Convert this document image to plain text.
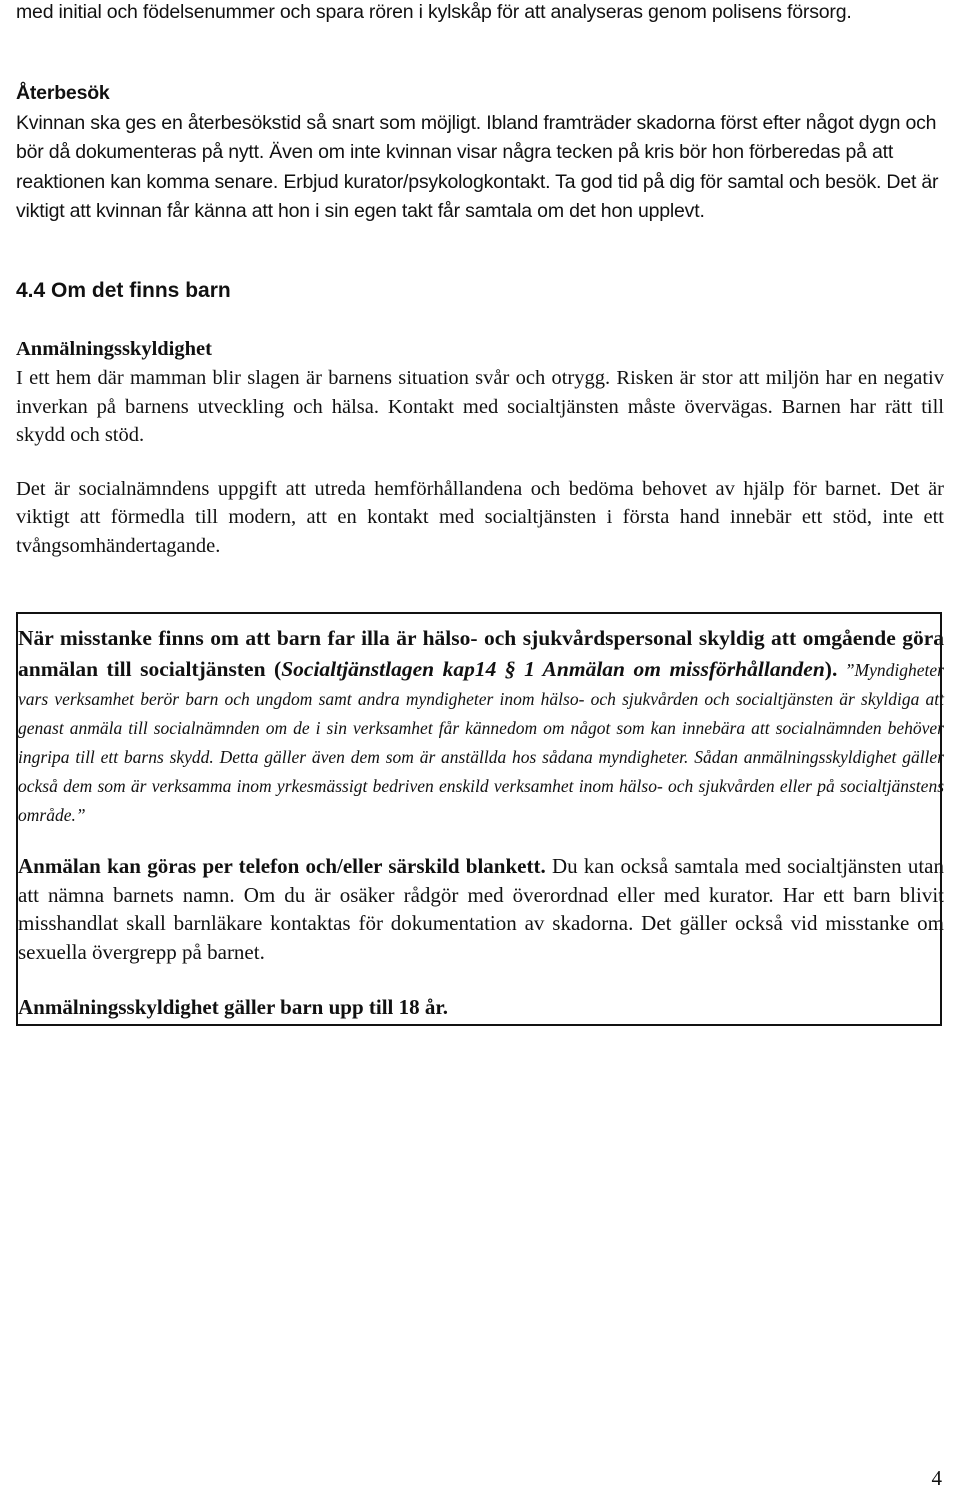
med initial och födelsenummer och spara rören i kylskåp för att analyseras genom polisens försorg.

Återbesök

Kvinnan ska ges en återbesökstid så snart som möjligt. Ibland framträder skadorna först efter något dygn och bör då dokumenteras på nytt. Även om inte kvinnan visar några tecken på kris bör hon förberedas på att reaktionen kan komma senare. Erbjud kurator/psykologkontakt. Ta god tid på dig för samtal och besök. Det är viktigt att kvinnan får känna att hon i sin egen takt får samtala om det hon upplevt.

4.4 Om det finns barn

Anmälningsskyldighet

I ett hem där mamman blir slagen är barnens situation svår och otrygg. Risken är stor att miljön har en negativ inverkan på barnens utveckling och hälsa. Kontakt med socialtjänsten måste övervägas. Barnen har rätt till skydd och stöd.

Det är socialnämndens uppgift att utreda hemförhållandena och bedöma behovet av hjälp för barnet. Det är viktigt att förmedla till modern, att en kontakt med socialtjänsten i första hand innebär ett stöd, inte ett tvångsomhändertagande.

När misstanke finns om att barn far illa är hälso- och sjukvårdspersonal skyldig att omgående göra anmälan till socialtjänsten (Socialtjänstlagen kap14 § 1 Anmälan om missförhållanden). ”Myndigheter vars verksamhet berör barn och ungdom samt andra myndigheter inom hälso- och sjukvården och socialtjänsten är skyldiga att genast anmäla till socialnämnden om de i sin verksamhet får kännedom om något som kan innebära att socialnämnden behöver ingripa till ett barns skydd. Detta gäller även dem som är anställda hos sådana myndigheter. Sådan anmälningsskyldighet gäller också dem som är verksamma inom yrkesmässigt bedriven enskild verksamhet inom hälso- och sjukvården eller på socialtjänstens område.”

Anmälan kan göras per telefon och/eller särskild blankett. Du kan också samtala med socialtjänsten utan att nämna barnets namn. Om du är osäker rådgör med överordnad eller med kurator. Har ett barn blivit misshandlat skall barnläkare kontaktas för dokumentation av skadorna. Det gäller också vid misstanke om sexuella övergrepp på barnet.

Anmälningsskyldighet gäller barn upp till 18 år.

4
